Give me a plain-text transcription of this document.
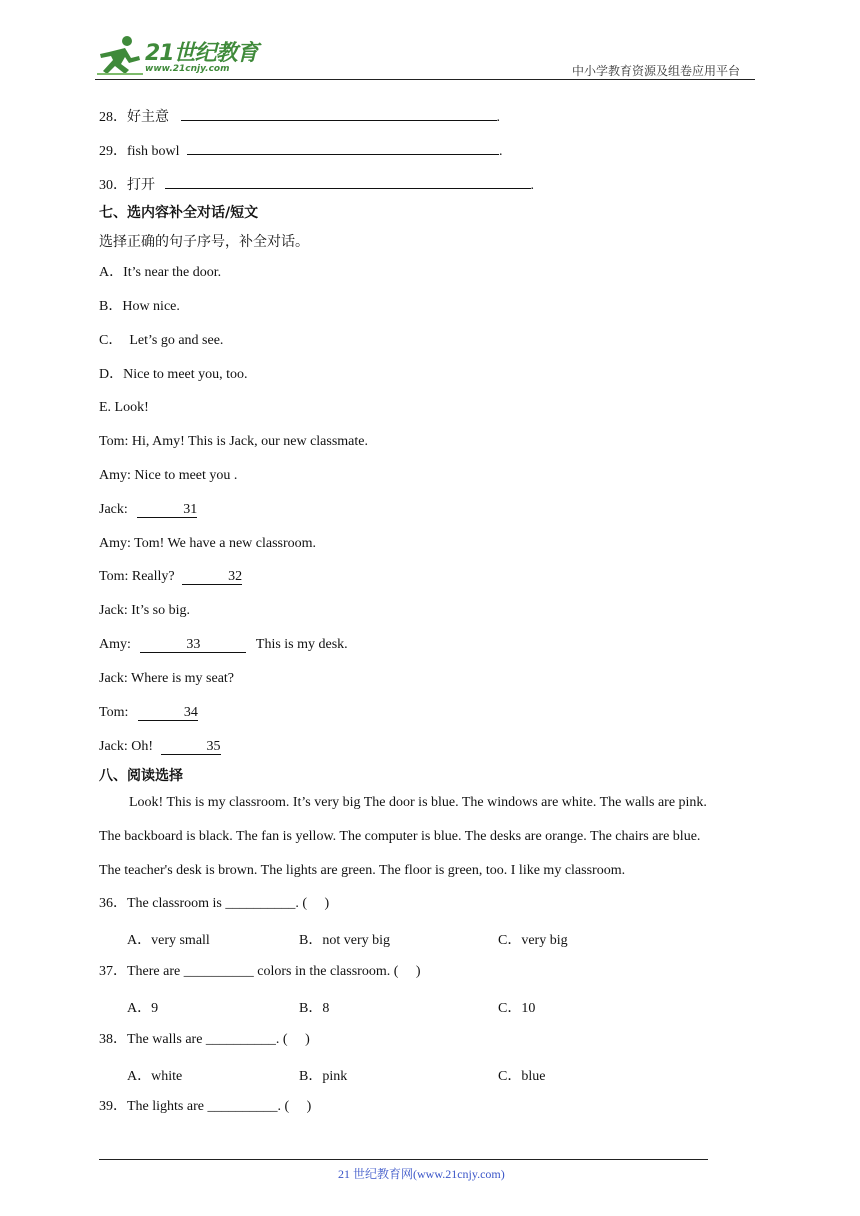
21世纪教育
www.21cnjy.com	中小学教育资源及组卷应用平台
28．好主意	.
29．fish bowl	.
30．打开	.
七、选内容补全对话/短文
选择正确的句子序号，补全对话。
A．It’s near the door.
B．How nice.
C．  Let’s go and see.
D．Nice to meet you, too.
E. Look!
Tom: Hi, Amy! This is Jack, our new classmate.
Amy: Nice to meet you .
Jack:	31
Amy: Tom! We have a new classroom.
Tom: Really?	32
Jack: It’s so big.
Amy:	33	This is my desk.
Jack: Where is my seat?
Tom:	34
Jack: Oh!	35
八、阅读选择
Look! This is my classroom. It’s very big The door is blue. The windows are white. The walls are pink.
The backboard is black. The fan is yellow. The computer is blue. The desks are orange. The chairs are blue.
The teacher's desk is brown. The lights are green. The floor is green, too. I like my classroom.
36．The classroom is __________. (     )
A．very small	B．not very big	C．very big
37．There are __________ colors in the classroom. (     )
A．9	B．8	C．10
38．The walls are __________. (     )
A．white	B．pink	C．blue
39．The lights are __________. (     )
21 世纪教育网(www.21cnjy.com)
